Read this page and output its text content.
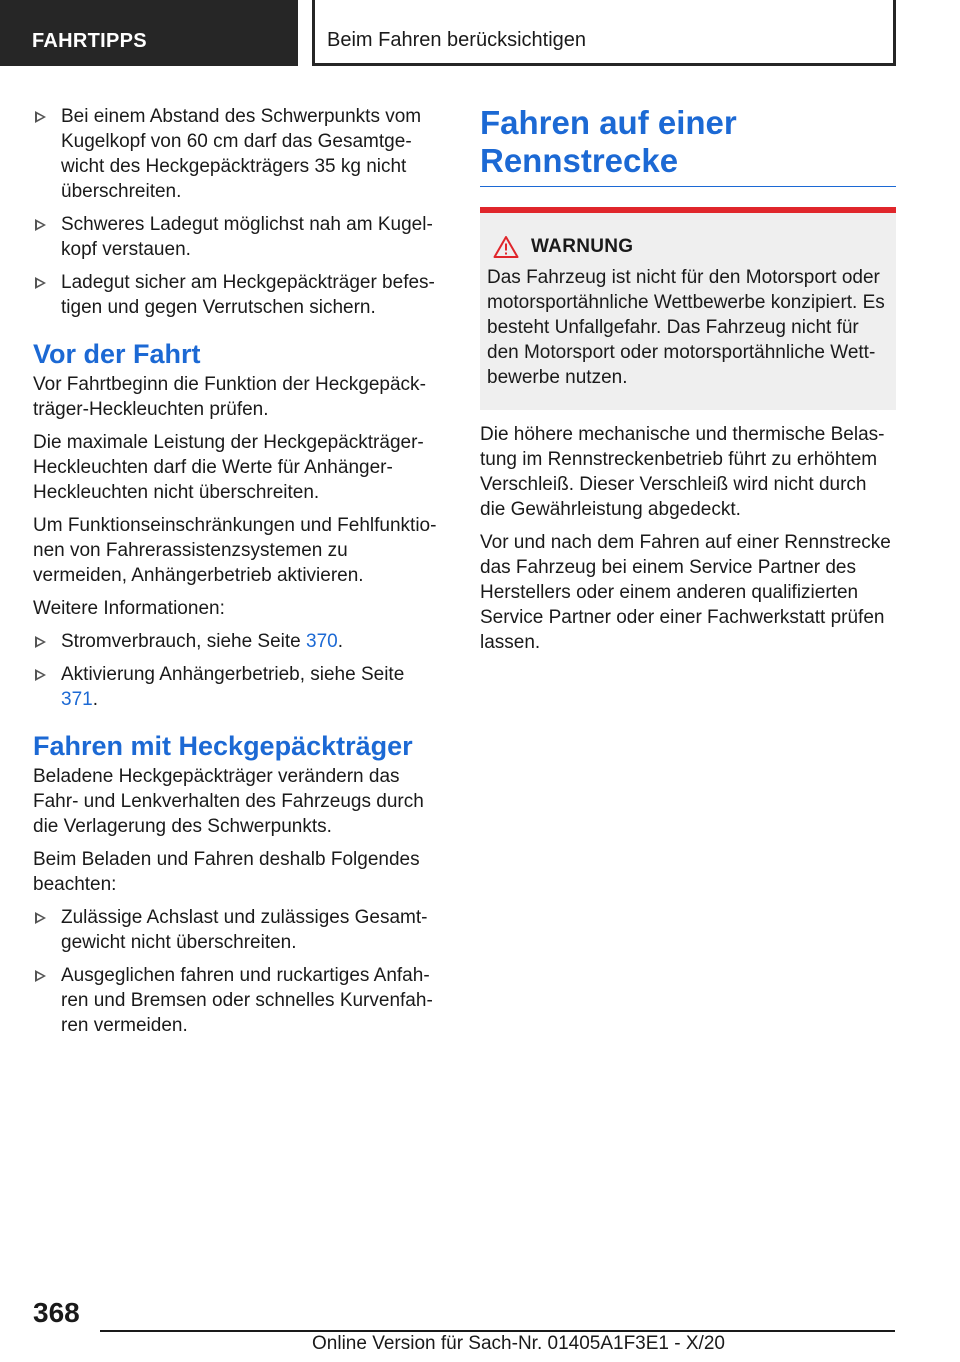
FAHRTIPPS	Beim Fahren berücksichtigen
Bei einem Abstand des Schwerpunkts vom Kugelkopf von 60 cm darf das Gesamtgewicht des Heckgepäckträgers 35 kg nicht überschreiten.
Schweres Ladegut möglichst nah am Kugelkopf verstauen.
Ladegut sicher am Heckgepäckträger befestigen und gegen Verrutschen sichern.
Vor der Fahrt

Vor Fahrtbeginn die Funktion der Heckgepäckträger-Heckleuchten prüfen.

Die maximale Leistung der Heckgepäckträger-Heckleuchten darf die Werte für Anhänger-Heckleuchten nicht überschreiten.

Um Funktionseinschränkungen und Fehlfunktionen von Fahrerassistenzsystemen zu vermeiden, Anhängerbetrieb aktivieren.

Weitere Informationen:

Stromverbrauch, siehe Seite 370.
Aktivierung Anhängerbetrieb, siehe Seite 371.
Fahren mit Heckgepäckträger

Beladene Heckgepäckträger verändern das Fahr- und Lenkverhalten des Fahrzeugs durch die Verlagerung des Schwerpunkts.

Beim Beladen und Fahren deshalb Folgendes beachten:

Zulässige Achslast und zulässiges Gesamtgewicht nicht überschreiten.
Ausgeglichen fahren und ruckartiges Anfahren und Bremsen oder schnelles Kurvenfahren vermeiden.
Fahren auf einer Rennstrecke
WARNUNG
Das Fahrzeug ist nicht für den Motorsport oder motorsportähnliche Wettbewerbe konzipiert. Es besteht Unfallgefahr. Das Fahrzeug nicht für den Motorsport oder motorsportähnliche Wettbewerbe nutzen.

Die höhere mechanische und thermische Belastung im Rennstreckenbetrieb führt zu erhöhtem Verschleiß. Dieser Verschleiß wird nicht durch die Gewährleistung abgedeckt.

Vor und nach dem Fahren auf einer Rennstrecke das Fahrzeug bei einem Service Partner des Herstellers oder einem anderen qualifizierten Service Partner oder einer Fachwerkstatt prüfen lassen.

368
Online Version für Sach-Nr. 01405A1F3E1 - X/20
